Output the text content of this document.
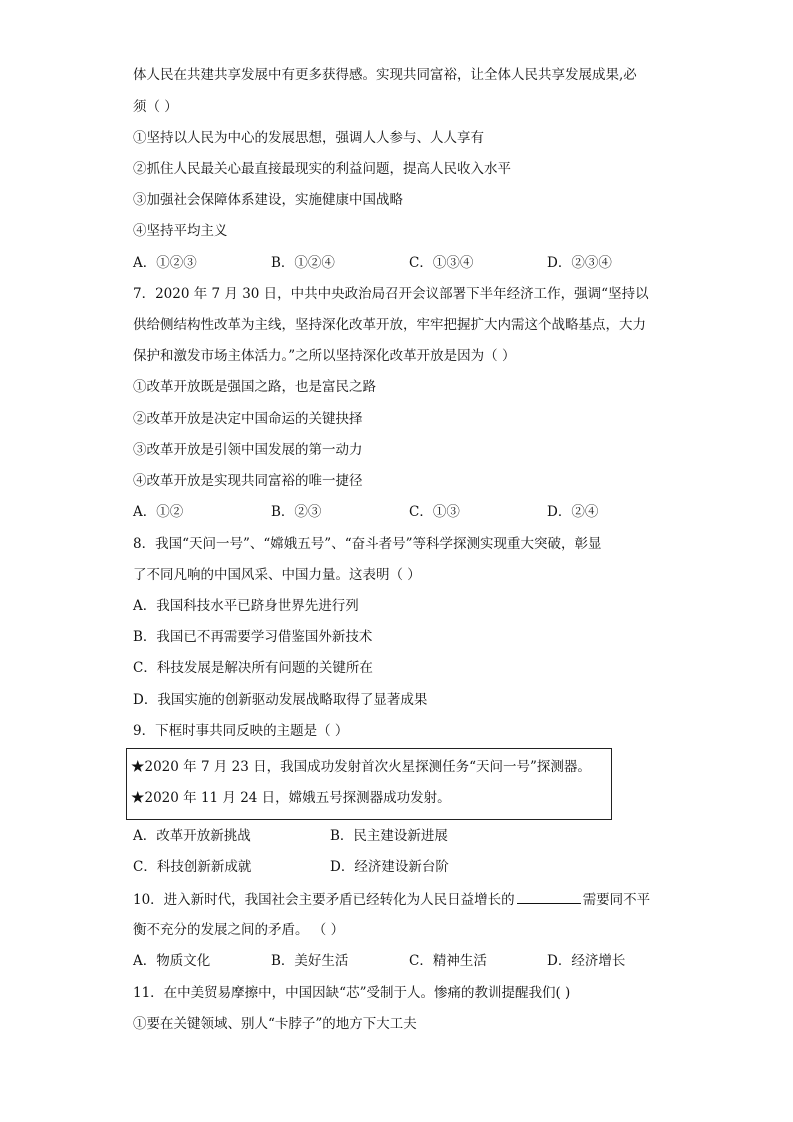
体人民在共建共享发展中有更多获得感。实现共同富裕，让全体人民共享发展成果,必
须（ ）
①坚持以人民为中心的发展思想，强调人人参与、人人享有
②抓住人民最关心最直接最现实的利益问题，提高人民收入水平
③加强社会保障体系建设，实施健康中国战略
④坚持平均主义
A．①②③	B．①②④	C．①③④	D．②③④
7．2020 年 7 月 30 日，中共中央政治局召开会议部署下半年经济工作，强调“坚持以
供给侧结构性改革为主线，坚持深化改革开放，牢牢把握扩大内需这个战略基点，大力
保护和激发市场主体活力。”之所以坚持深化改革开放是因为（ ）
①改革开放既是强国之路，也是富民之路
②改革开放是决定中国命运的关键抉择
③改革开放是引领中国发展的第一动力
④改革开放是实现共同富裕的唯一捷径
A．①②	B．②③	C．①③	D．②④
8．我国“天问一号”、“嫦娥五号”、“奋斗者号”等科学探测实现重大突破，彰显
了不同凡响的中国风采、中国力量。这表明（ ）
A．我国科技水平已跻身世界先进行列
B．我国已不再需要学习借鉴国外新技术
C．科技发展是解决所有问题的关键所在
D．我国实施的创新驱动发展战略取得了显著成果
9．下框时事共同反映的主题是（ ）
★2020 年 7 月 23 日，我国成功发射首次火星探测任务“天问一号”探测器。
★2020 年 11 月 24 日，嫦娥五号探测器成功发射。
A．改革开放新挑战	B．民主建设新进展
C．科技创新新成就	D．经济建设新台阶
10．进入新时代，我国社会主要矛盾已经转化为人民日益增长的	需要同不平
衡不充分的发展之间的矛盾。 （ ）
A．物质文化	B．美好生活	C．精神生活	D．经济增长
11．在中美贸易摩擦中，中国因缺“芯”受制于人。惨痛的教训提醒我们( )
①要在关键领域、别人“卡脖子”的地方下大工夫
